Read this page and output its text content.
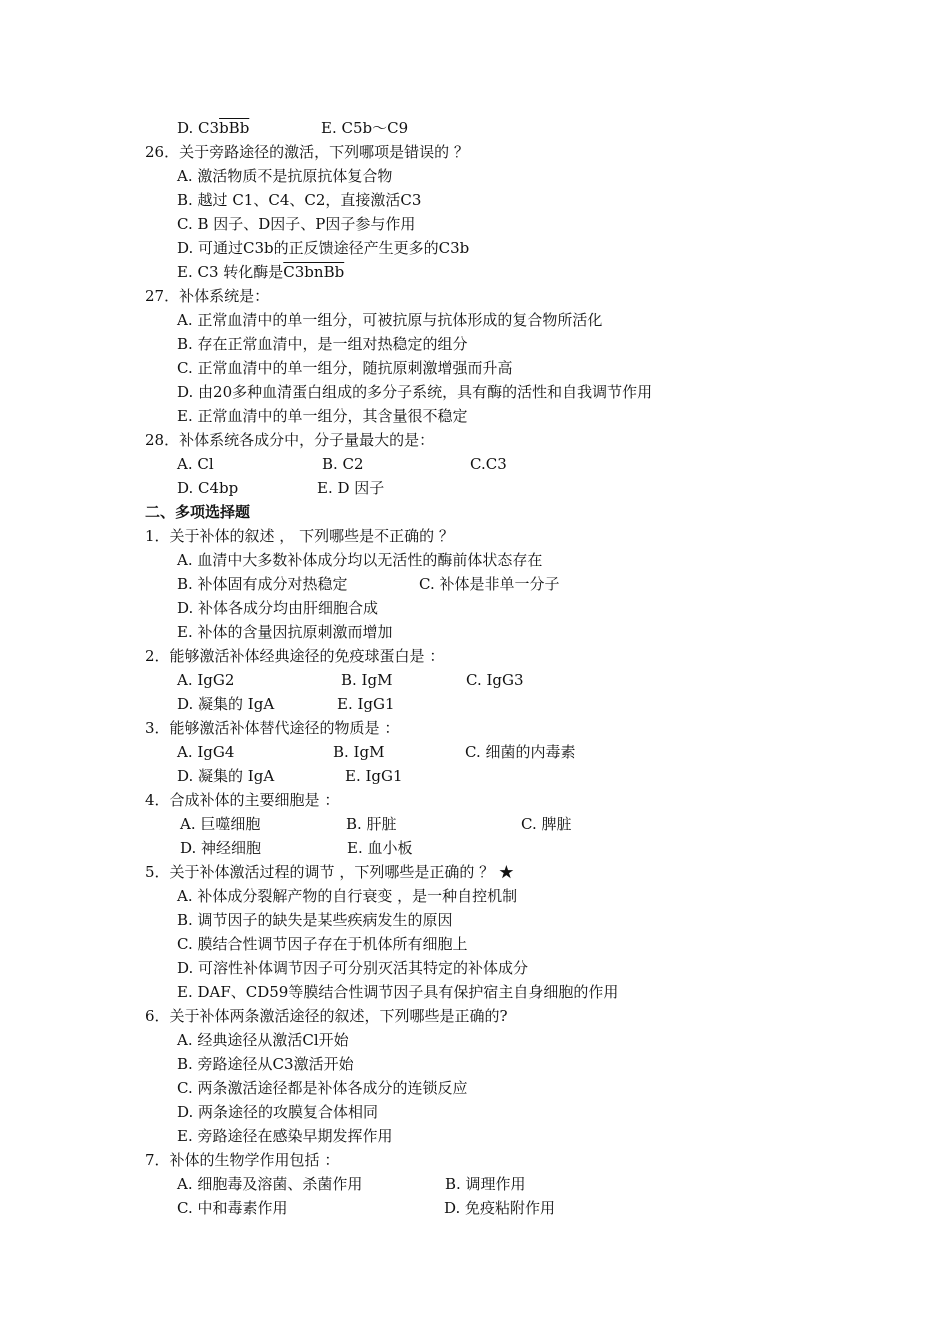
D. $C3\overline{bBb}$	E. C5b～C9
26．关于旁路途径的激活，下列哪项是错误的 ？
A. 激活物质不是抗原抗体复合物
B. 越过 C1、C4、C2，直接激活C3
C. B 因子、D因子、P因子参与作用
D. 可通过C3b的正反馈途径产生更多的C3b
E. C3 转化酶是C3bnBb
27．补体系统是：
A. 正常血清中的单一组分，可被抗原与抗体形成的复合物所活化
B. 存在正常血清中，是一组对热稳定的组分
C. 正常血清中的单一组分，随抗原刺激增强而升高
D. 由20多种血清蛋白组成的多分子系统，具有酶的活性和自我调节作用
E. 正常血清中的单一组分，其含量很不稳定
28．补体系统各成分中，分子量最大的是：
A. Cl	B. C2	C.C3
D. C4bp	E. D 因子
二、多项选择题
1．关于补体的叙述 ， 下列哪些是不正确的 ？
A. 血清中大多数补体成分均以无活性的酶前体状态存在
B. 补体固有成分对热稳定	C. 补体是非单一分子
D. 补体各成分均由肝细胞合成
E. 补体的含量因抗原刺激而增加
2．能够激活补体经典途径的免疫球蛋白是 ：
A. IgG2	B. IgM	C. IgG3
D. 凝集的 IgA	E. IgG1
3．能够激活补体替代途径的物质是 ：
A. IgG4	B. IgM	C. 细菌的内毒素
D. 凝集的 IgA	E. IgG1
4．合成补体的主要细胞是 ：
A. 巨噬细胞	B. 肝脏	C. 脾脏
D. 神经细胞	E. 血小板
5．关于补体激活过程的调节 ，下列哪些是正确的 ？ ★
A. 补体成分裂解产物的自行衰变 ，是一种自控机制
B. 调节因子的缺失是某些疾病发生的原因
C. 膜结合性调节因子存在于机体所有细胞上
D. 可溶性补体调节因子可分别灭活其特定的补体成分
E. DAF、CD59等膜结合性调节因子具有保护宿主自身细胞的作用
6．关于补体两条激活途径的叙述，下列哪些是正确的?
A. 经典途径从激活Cl开始
B. 旁路途径从C3激活开始
C. 两条激活途径都是补体各成分的连锁反应
D. 两条途径的攻膜复合体相同
E. 旁路途径在感染早期发挥作用
7．补体的生物学作用包括 ：
A. 细胞毒及溶菌、杀菌作用	B. 调理作用
C. 中和毒素作用	D. 免疫粘附作用
